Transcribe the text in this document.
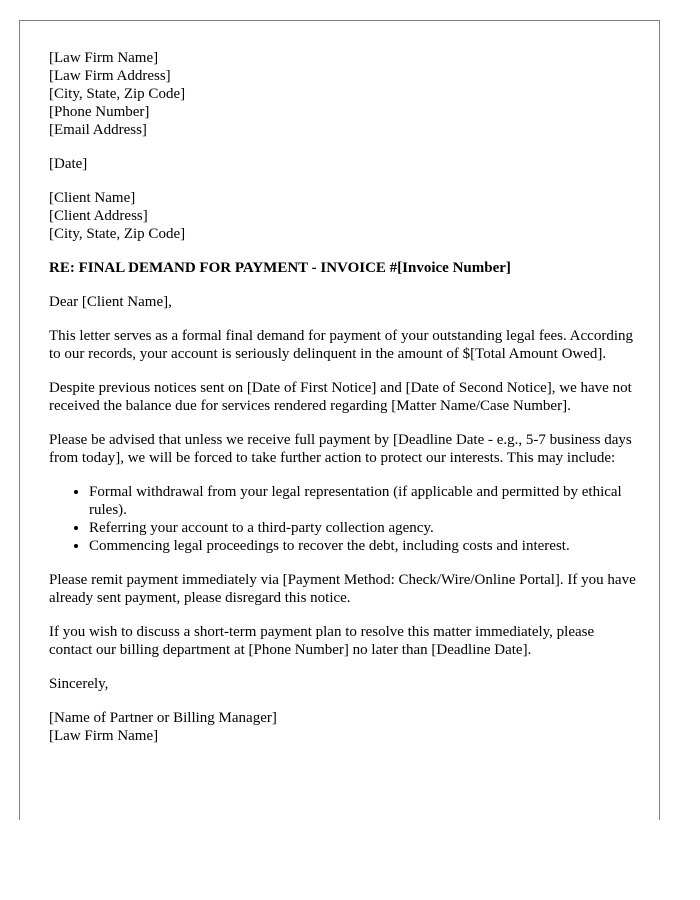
[Law Firm Name]
[Law Firm Address]
[City, State, Zip Code]
[Phone Number]
[Email Address]
[Date]
[Client Name]
[Client Address]
[City, State, Zip Code]
RE: FINAL DEMAND FOR PAYMENT - INVOICE #[Invoice Number]

Dear [Client Name],

This letter serves as a formal final demand for payment of your outstanding legal fees. According to our records, your account is seriously delinquent in the amount of $[Total Amount Owed].

Despite previous notices sent on [Date of First Notice] and [Date of Second Notice], we have not received the balance due for services rendered regarding [Matter Name/Case Number].

Please be advised that unless we receive full payment by [Deadline Date - e.g., 5-7 business days from today], we will be forced to take further action to protect our interests. This may include:

• Formal withdrawal from your legal representation (if applicable and permitted by ethical rules).
• Referring your account to a third-party collection agency.
• Commencing legal proceedings to recover the debt, including costs and interest.

Please remit payment immediately via [Payment Method: Check/Wire/Online Portal]. If you have already sent payment, please disregard this notice.

If you wish to discuss a short-term payment plan to resolve this matter immediately, please contact our billing department at [Phone Number] no later than [Deadline Date].

Sincerely,

[Name of Partner or Billing Manager]
[Law Firm Name]
